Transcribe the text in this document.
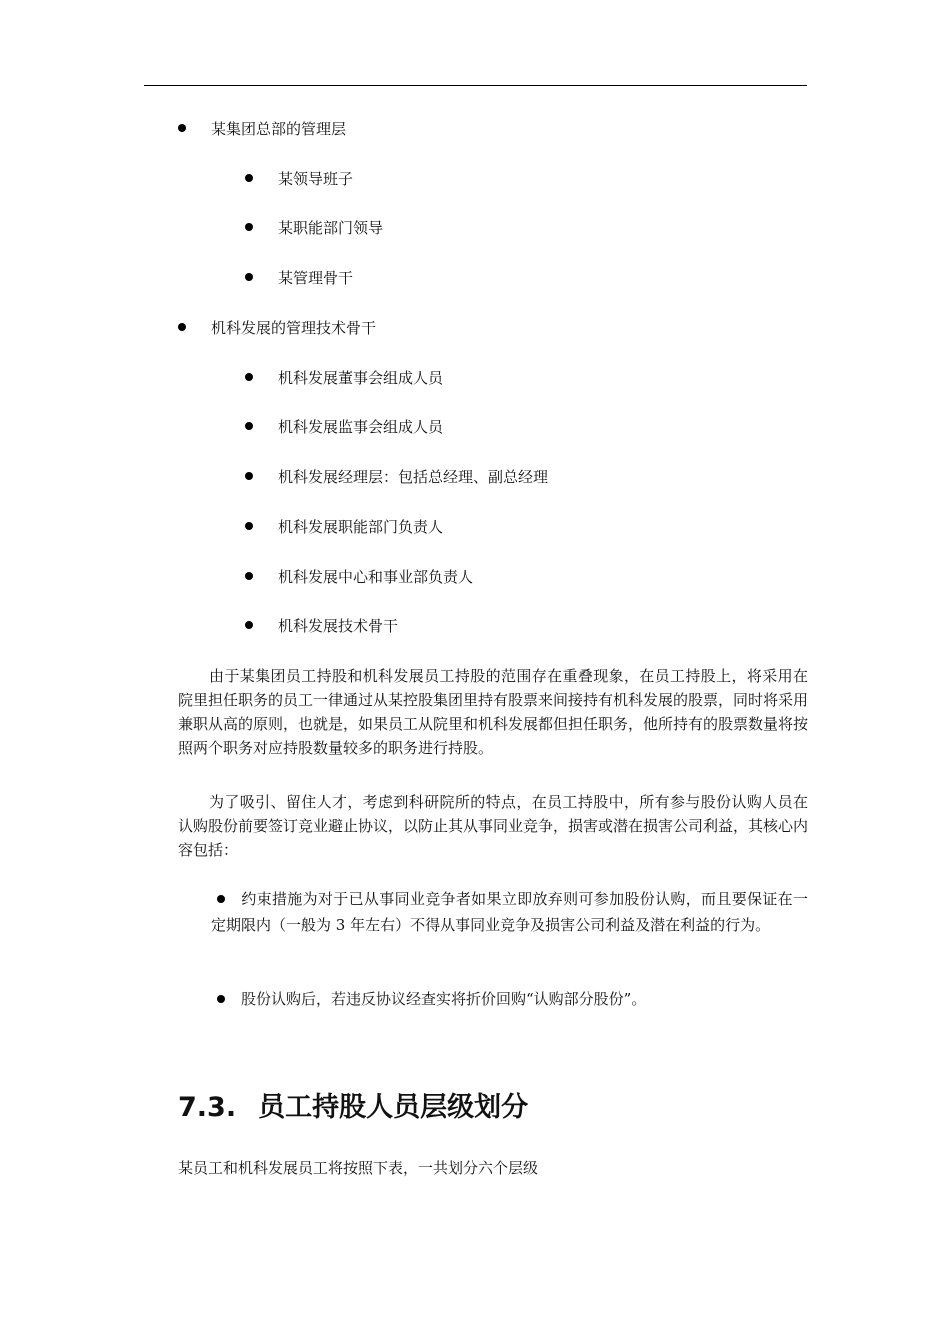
某集团总部的管理层
某领导班子
某职能部门领导
某管理骨干
机科发展的管理技术骨干
机科发展董事会组成人员
机科发展监事会组成人员
机科发展经理层：包括总经理、副总经理
机科发展职能部门负责人
机科发展中心和事业部负责人
机科发展技术骨干

由于某集团员工持股和机科发展员工持股的范围存在重叠现象，在员工持股上，将采用在院里担任职务的员工一律通过从某控股集团里持有股票来间接持有机科发展的股票，同时将采用兼职从高的原则，也就是，如果员工从院里和机科发展都但担任职务，他所持有的股票数量将按照两个职务对应持股数量较多的职务进行持股。

为了吸引、留住人才，考虑到科研院所的特点，在员工持股中，所有参与股份认购人员在认购股份前要签订竞业避止协议，以防止其从事同业竞争，损害或潜在损害公司利益，其核心内容包括：

约束措施为对于已从事同业竞争者如果立即放弃则可参加股份认购，而且要保证在一定期限内（一般为 3 年左右）不得从事同业竞争及损害公司利益及潜在利益的行为。

股份认购后，若违反协议经查实将折价回购“认购部分股份”。

7.3. 员工持股人员层级划分
某员工和机科发展员工将按照下表，一共划分六个层级
